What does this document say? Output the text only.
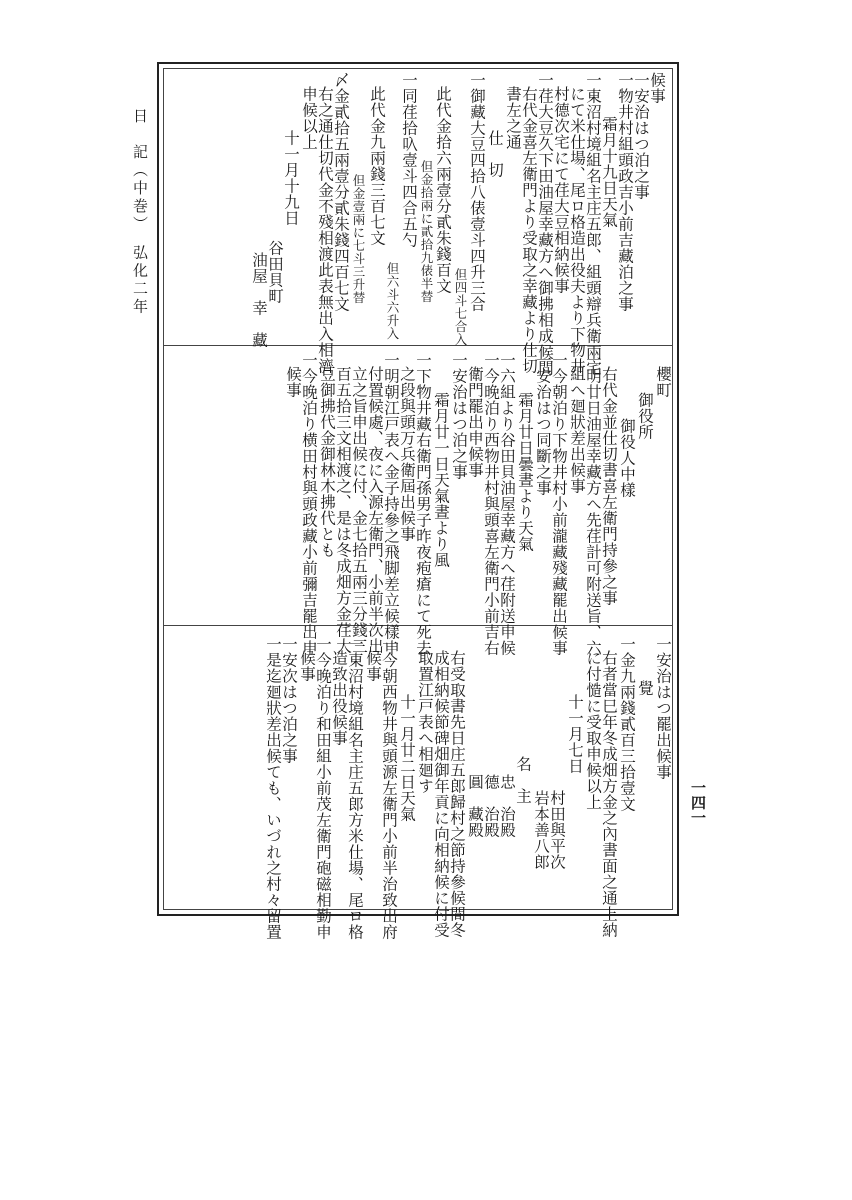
日　記（中巻）　弘化二年
候事
一安治はつ泊之事
一物井村組頭政吉小前吉藏泊之事
霜月十九日天氣
一東沼村境組名主庄五郎、組頭辯兵衛兩宅
にて米仕場、尾ロ格造出役夫より下物井
村德次宅にて荏大豆相納候事
一荏大豆久下田油屋幸藏方へ御拂相成候間
右代金喜左衛門より受取之幸藏より仕切
書左之通
仕　切
一御藏大豆四拾八俵壹斗四升三合
但四斗七合入
此代金拾六兩壹分貳朱錢百文
但金拾兩に貳拾九俵半替
一同荏拾叺壹斗四合五勺
但六斗六升入
此代金九兩錢三百七文
但金壹兩に七斗三升替
〆金貳拾五兩壹分貳朱錢四百七文
右之通仕切代金不殘相渡此表無出入相濟
申候以上
十一月十九日
谷田貝町
油屋　幸　藏
櫻町
御役所
御役人中樣
右代金並仕切書喜左衛門持參之事
一明廿日油屋幸藏方へ先荏計可附送旨、六
組へ廻狀差出候事
一今朝泊り下物井村小前瀧藏殘藏罷出候事
一安治はつ同斷之事
霜月廿日曇晝より天氣
一六組より谷田貝油屋幸藏方へ荏附送申候
一今晚泊り西物井村與頭喜左衛門小前吉右
衛門罷出申候事
一安治はつ泊之事
霜月廿一日天氣晝より風
一下物井藏右衛門孫男子昨夜疱瘡にて死去
之段與頭万兵衛屆出候事
一明朝江戸表へ金子持參之飛脚差立候樣申
付置候處、夜に入源左衛門、小前半次出
立之旨申出候に付、金七拾五兩三分錢三
百五拾三文相渡之、是は冬成畑方金荏大
豆御拂代金御林木拂代とも
一今晚泊り横田村與頭政藏小前彌吉罷出申
候事
一安治はつ罷出候事
覺
一金九兩錢貳百三拾壹文
右者當巳年冬成畑方金之內書面之通上納
に付慥に受取申候以上
十一月七日
村田與平次
岩本善八郎
名　主
忠　治殿
德　治殿
圓　藏殿
右受取書先日庄五郎歸村之節持參候間冬
成相納候節碑畑御年貢に向相納候に付受
取置江戸表へ相廻す
十一月廿二日天氣
一今朝西物井與頭源左衛門小前半治致出府
候事
一東沼村境組名主庄五郎方米仕場、尾ロ格
造致出役候事
一今晚泊り和田組小前茂左衛門砲磁相勤申
候事
一安次はつ泊之事
一是迄廻狀差出候ても、いづれ之村々留置	一四一
